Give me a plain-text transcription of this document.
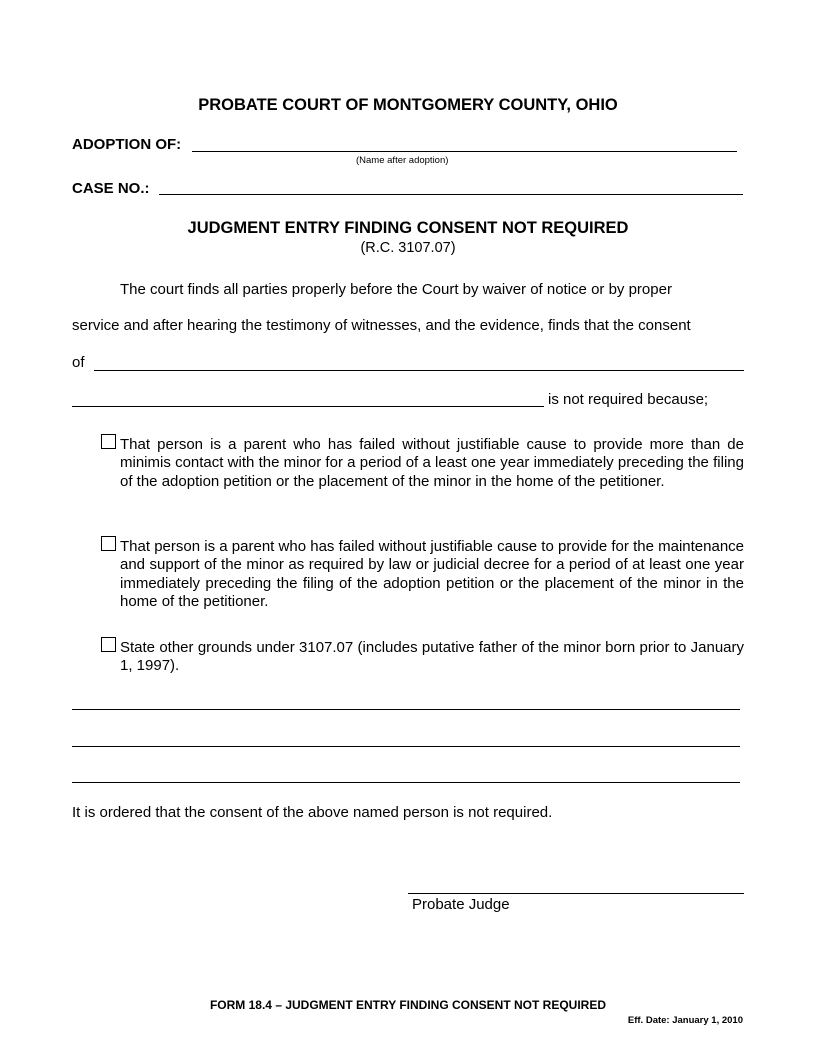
PROBATE COURT OF MONTGOMERY COUNTY, OHIO
ADOPTION OF:
(Name after adoption)
CASE NO.:
JUDGMENT ENTRY FINDING CONSENT NOT REQUIRED
(R.C. 3107.07)
The court finds all parties properly before the Court by waiver of notice or by proper
service and after hearing the testimony of witnesses, and the evidence, finds that the consent
of
is not required because;
That person is a parent who has failed without justifiable cause to provide more than de minimis contact with the minor for a period of a least one year immediately preceding the filing of the adoption petition or the placement of the minor in the home of the petitioner.
That person is a parent who has failed without justifiable cause to provide for the maintenance and support of the minor as required by law or judicial decree for a period of at least one year immediately preceding the filing of the adoption petition or the placement of the minor in the home of the petitioner.
State other grounds under 3107.07 (includes putative father of the minor born prior to January 1, 1997).
It is ordered that the consent of the above named person is not required.
Probate Judge
FORM 18.4 – JUDGMENT ENTRY FINDING CONSENT NOT REQUIRED
Eff. Date: January 1, 2010
